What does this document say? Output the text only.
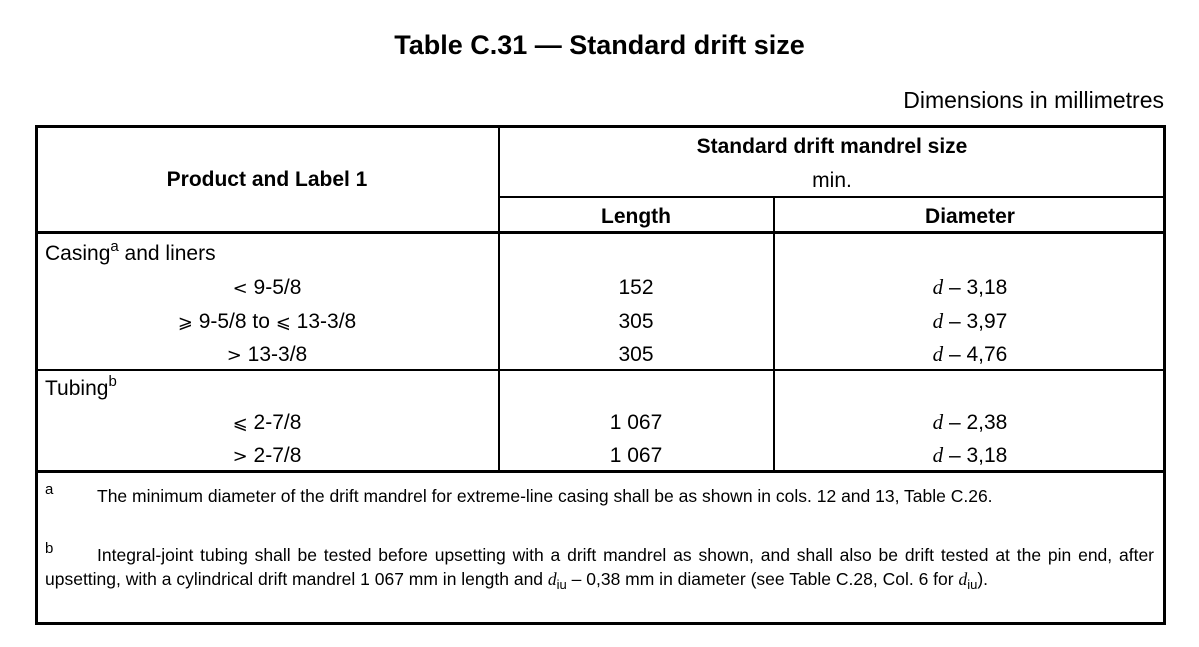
Table C.31 — Standard drift size
Dimensions in millimetres
Product and Label 1
Standard drift mandrel size
min.
Length	Diameter
Casing$^a$ and liners
< 9-5/8	152	d – 3,18
⩾ 9-5/8 to ⩽ 13-3/8	305	d – 3,97
> 13-3/8	305	d – 4,76
Tubing$^b$
⩽ 2-7/8	1 067	d – 2,38
> 2-7/8	1 067	d – 3,18
a	The minimum diameter of the drift mandrel for extreme-line casing shall be as shown in cols. 12 and 13, Table C.26.
b	Integral-joint tubing shall be tested before upsetting with a drift mandrel as shown, and shall also be drift tested at the pin end, after upsetting, with a cylindrical drift mandrel 1 067 mm in length and $d_{iu} - 0,38$ mm in diameter (see Table C.28, Col. 6 for $d_{iu}$).
